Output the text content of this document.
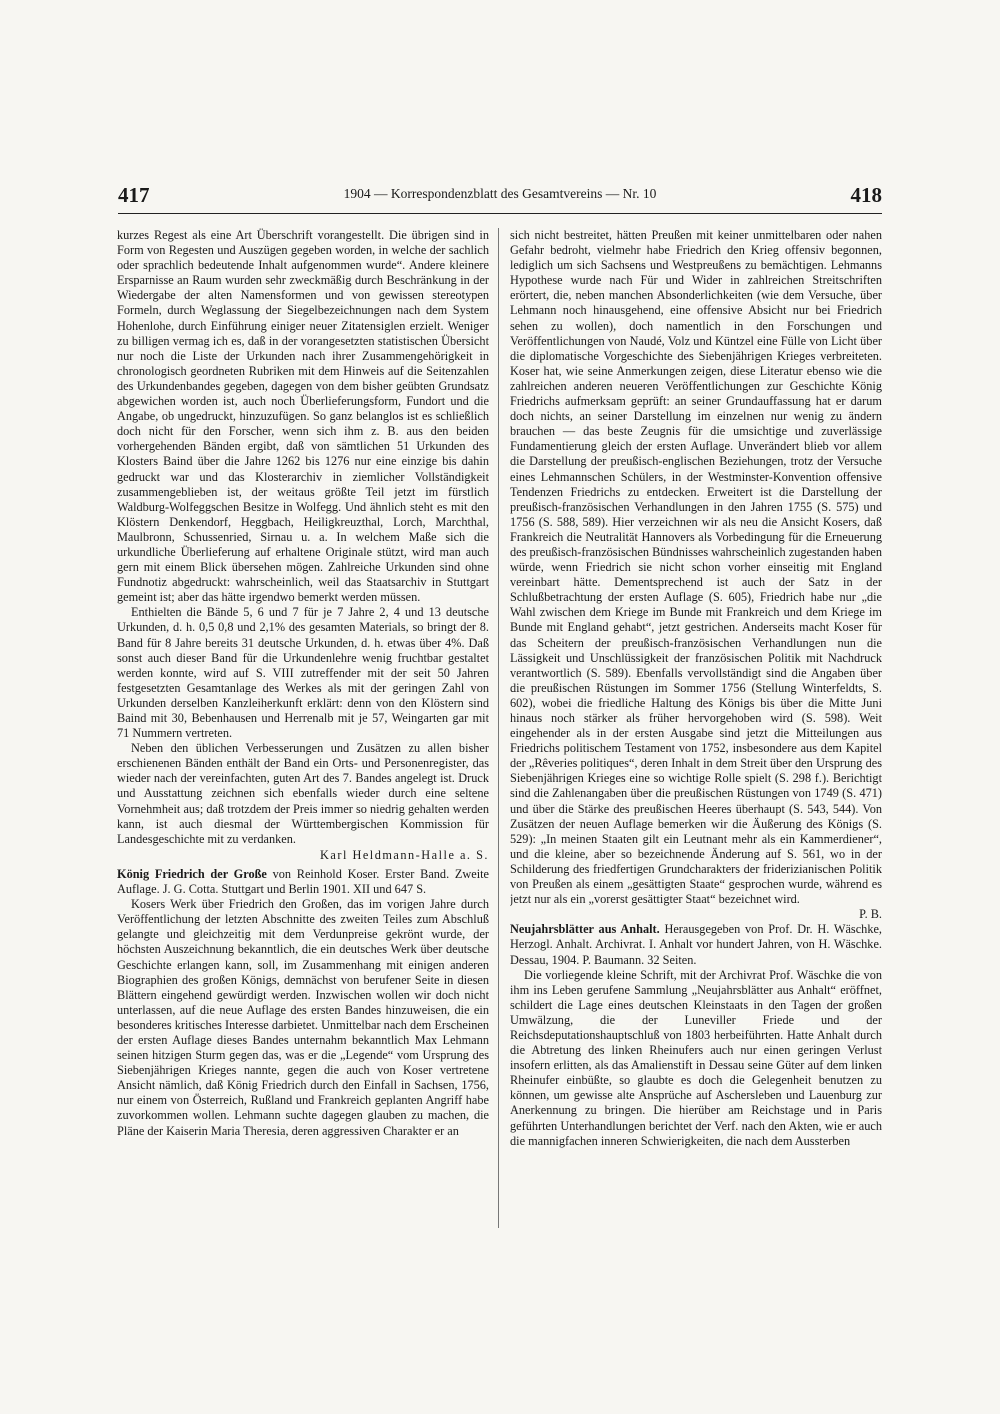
417	1904 — Korrespondenzblatt des Gesamtvereins — Nr. 10	418

kurzes Regest als eine Art Überschrift vorangestellt. Die übrigen sind in Form von Regesten und Auszügen gegeben worden, in welche der sachlich oder sprachlich bedeutende Inhalt aufgenommen wurde“. Andere kleinere Ersparnisse an Raum wurden sehr zweckmäßig durch Beschränkung in der Wiedergabe der alten Namensformen und von gewissen stereotypen Formeln, durch Weglassung der Siegelbezeichnungen nach dem System Hohenlohe, durch Einführung einiger neuer Zitatensiglen erzielt. Weniger zu billigen vermag ich es, daß in der vorangesetzten statistischen Übersicht nur noch die Liste der Urkunden nach ihrer Zusammengehörigkeit in chronologisch geordneten Rubriken mit dem Hinweis auf die Seitenzahlen des Urkundenbandes gegeben, dagegen von dem bisher geübten Grundsatz abgewichen worden ist, auch noch Überlieferungsform, Fundort und die Angabe, ob ungedruckt, hinzuzufügen. So ganz belanglos ist es schließlich doch nicht für den Forscher, wenn sich ihm z. B. aus den beiden vorhergehenden Bänden ergibt, daß von sämtlichen 51 Urkunden des Klosters Baind über die Jahre 1262 bis 1276 nur eine einzige bis dahin gedruckt war und das Klosterarchiv in ziemlicher Vollständigkeit zusammengeblieben ist, der weitaus größte Teil jetzt im fürstlich Waldburg-Wolfeggschen Besitze in Wolfegg. Und ähnlich steht es mit den Klöstern Denkendorf, Heggbach, Heiligkreuzthal, Lorch, Marchthal, Maulbronn, Schussenried, Sirnau u. a. In welchem Maße sich die urkundliche Überlieferung auf erhaltene Originale stützt, wird man auch gern mit einem Blick übersehen mögen. Zahlreiche Urkunden sind ohne Fundnotiz abgedruckt: wahrscheinlich, weil das Staatsarchiv in Stuttgart gemeint ist; aber das hätte irgendwo bemerkt werden müssen.

Enthielten die Bände 5, 6 und 7 für je 7 Jahre 2, 4 und 13 deutsche Urkunden, d. h. 0,5 0,8 und 2,1% des gesamten Materials, so bringt der 8. Band für 8 Jahre bereits 31 deutsche Urkunden, d. h. etwas über 4%. Daß sonst auch dieser Band für die Urkundenlehre wenig fruchtbar gestaltet werden konnte, wird auf S. VIII zutreffender mit der seit 50 Jahren festgesetzten Gesamtanlage des Werkes als mit der geringen Zahl von Urkunden derselben Kanzleiherkunft erklärt: denn von den Klöstern sind Baind mit 30, Bebenhausen und Herrenalb mit je 57, Weingarten gar mit 71 Nummern vertreten.

Neben den üblichen Verbesserungen und Zusätzen zu allen bisher erschienenen Bänden enthält der Band ein Orts- und Personenregister, das wieder nach der vereinfachten, guten Art des 7. Bandes angelegt ist. Druck und Ausstattung zeichnen sich ebenfalls wieder durch eine seltene Vornehmheit aus; daß trotzdem der Preis immer so niedrig gehalten werden kann, ist auch diesmal der Württembergischen Kommission für Landesgeschichte mit zu verdanken.

Karl Heldmann-Halle a. S.

König Friedrich der Große von Reinhold Koser. Erster Band. Zweite Auflage. J. G. Cotta. Stuttgart und Berlin 1901. XII und 647 S.

Kosers Werk über Friedrich den Großen, das im vorigen Jahre durch Veröffentlichung der letzten Abschnitte des zweiten Teiles zum Abschluß gelangte und gleichzeitig mit dem Verdunpreise gekrönt wurde, der höchsten Auszeichnung bekanntlich, die ein deutsches Werk über deutsche Geschichte erlangen kann, soll, im Zusammenhang mit einigen anderen Biographien des großen Königs, demnächst von berufener Seite in diesen Blättern eingehend gewürdigt werden. Inzwischen wollen wir doch nicht unterlassen, auf die neue Auflage des ersten Bandes hinzuweisen, die ein besonderes kritisches Interesse darbietet. Unmittelbar nach dem Erscheinen der ersten Auflage dieses Bandes unternahm bekanntlich Max Lehmann seinen hitzigen Sturm gegen das, was er die „Legende“ vom Ursprung des Siebenjährigen Krieges nannte, gegen die auch von Koser vertretene Ansicht nämlich, daß König Friedrich durch den Einfall in Sachsen, 1756, nur einem von Österreich, Rußland und Frankreich geplanten Angriff habe zuvorkommen wollen. Lehmann suchte dagegen glauben zu machen, die Pläne der Kaiserin Maria Theresia, deren aggressiven Charakter er an

sich nicht bestreitet, hätten Preußen mit keiner unmittelbaren oder nahen Gefahr bedroht, vielmehr habe Friedrich den Krieg offensiv begonnen, lediglich um sich Sachsens und Westpreußens zu bemächtigen. Lehmanns Hypothese wurde nach Für und Wider in zahlreichen Streitschriften erörtert, die, neben manchen Absonderlichkeiten (wie dem Versuche, über Lehmann noch hinausgehend, eine offensive Absicht nur bei Friedrich sehen zu wollen), doch namentlich in den Forschungen und Veröffentlichungen von Naudé, Volz und Küntzel eine Fülle von Licht über die diplomatische Vorgeschichte des Siebenjährigen Krieges verbreiteten. Koser hat, wie seine Anmerkungen zeigen, diese Literatur ebenso wie die zahlreichen anderen neueren Veröffentlichungen zur Geschichte König Friedrichs aufmerksam geprüft: an seiner Grundauffassung hat er darum doch nichts, an seiner Darstellung im einzelnen nur wenig zu ändern brauchen — das beste Zeugnis für die umsichtige und zuverlässige Fundamentierung gleich der ersten Auflage. Unverändert blieb vor allem die Darstellung der preußisch-englischen Beziehungen, trotz der Versuche eines Lehmannschen Schülers, in der Westminster-Konvention offensive Tendenzen Friedrichs zu entdecken. Erweitert ist die Darstellung der preußisch-französischen Verhandlungen in den Jahren 1755 (S. 575) und 1756 (S. 588, 589). Hier verzeichnen wir als neu die Ansicht Kosers, daß Frankreich die Neutralität Hannovers als Vorbedingung für die Erneuerung des preußisch-französischen Bündnisses wahrscheinlich zugestanden haben würde, wenn Friedrich sie nicht schon vorher einseitig mit England vereinbart hätte. Dementsprechend ist auch der Satz in der Schlußbetrachtung der ersten Auflage (S. 605), Friedrich habe nur „die Wahl zwischen dem Kriege im Bunde mit Frankreich und dem Kriege im Bunde mit England gehabt“, jetzt gestrichen. Anderseits macht Koser für das Scheitern der preußisch-französischen Verhandlungen nun die Lässigkeit und Unschlüssigkeit der französischen Politik mit Nachdruck verantwortlich (S. 589). Ebenfalls vervollständigt sind die Angaben über die preußischen Rüstungen im Sommer 1756 (Stellung Winterfeldts, S. 602), wobei die friedliche Haltung des Königs bis über die Mitte Juni hinaus noch stärker als früher hervorgehoben wird (S. 598). Weit eingehender als in der ersten Ausgabe sind jetzt die Mitteilungen aus Friedrichs politischem Testament von 1752, insbesondere aus dem Kapitel der „Rêveries politiques“, deren Inhalt in dem Streit über den Ursprung des Siebenjährigen Krieges eine so wichtige Rolle spielt (S. 298 f.). Berichtigt sind die Zahlenangaben über die preußischen Rüstungen von 1749 (S. 471) und über die Stärke des preußischen Heeres überhaupt (S. 543, 544). Von Zusätzen der neuen Auflage bemerken wir die Äußerung des Königs (S. 529): „In meinen Staaten gilt ein Leutnant mehr als ein Kammerdiener“, und die kleine, aber so bezeichnende Änderung auf S. 561, wo in der Schilderung des friedfertigen Grundcharakters der friderizianischen Politik von Preußen als einem „gesättigten Staate“ gesprochen wurde, während es jetzt nur als ein „vorerst gesättigter Staat“ bezeichnet wird.

P. B.

Neujahrsblätter aus Anhalt. Herausgegeben von Prof. Dr. H. Wäschke, Herzogl. Anhalt. Archivrat. I. Anhalt vor hundert Jahren, von H. Wäschke. Dessau, 1904. P. Baumann. 32 Seiten.

Die vorliegende kleine Schrift, mit der Archivrat Prof. Wäschke die von ihm ins Leben gerufene Sammlung „Neujahrsblätter aus Anhalt“ eröffnet, schildert die Lage eines deutschen Kleinstaats in den Tagen der großen Umwälzung, die der Luneviller Friede und der Reichsdeputationshauptschluß von 1803 herbeiführten. Hatte Anhalt durch die Abtretung des linken Rheinufers auch nur einen geringen Verlust insofern erlitten, als das Amalienstift in Dessau seine Güter auf dem linken Rheinufer einbüßte, so glaubte es doch die Gelegenheit benutzen zu können, um gewisse alte Ansprüche auf Aschersleben und Lauenburg zur Anerkennung zu bringen. Die hierüber am Reichstage und in Paris geführten Unterhandlungen berichtet der Verf. nach den Akten, wie er auch die mannigfachen inneren Schwierigkeiten, die nach dem Aussterben
